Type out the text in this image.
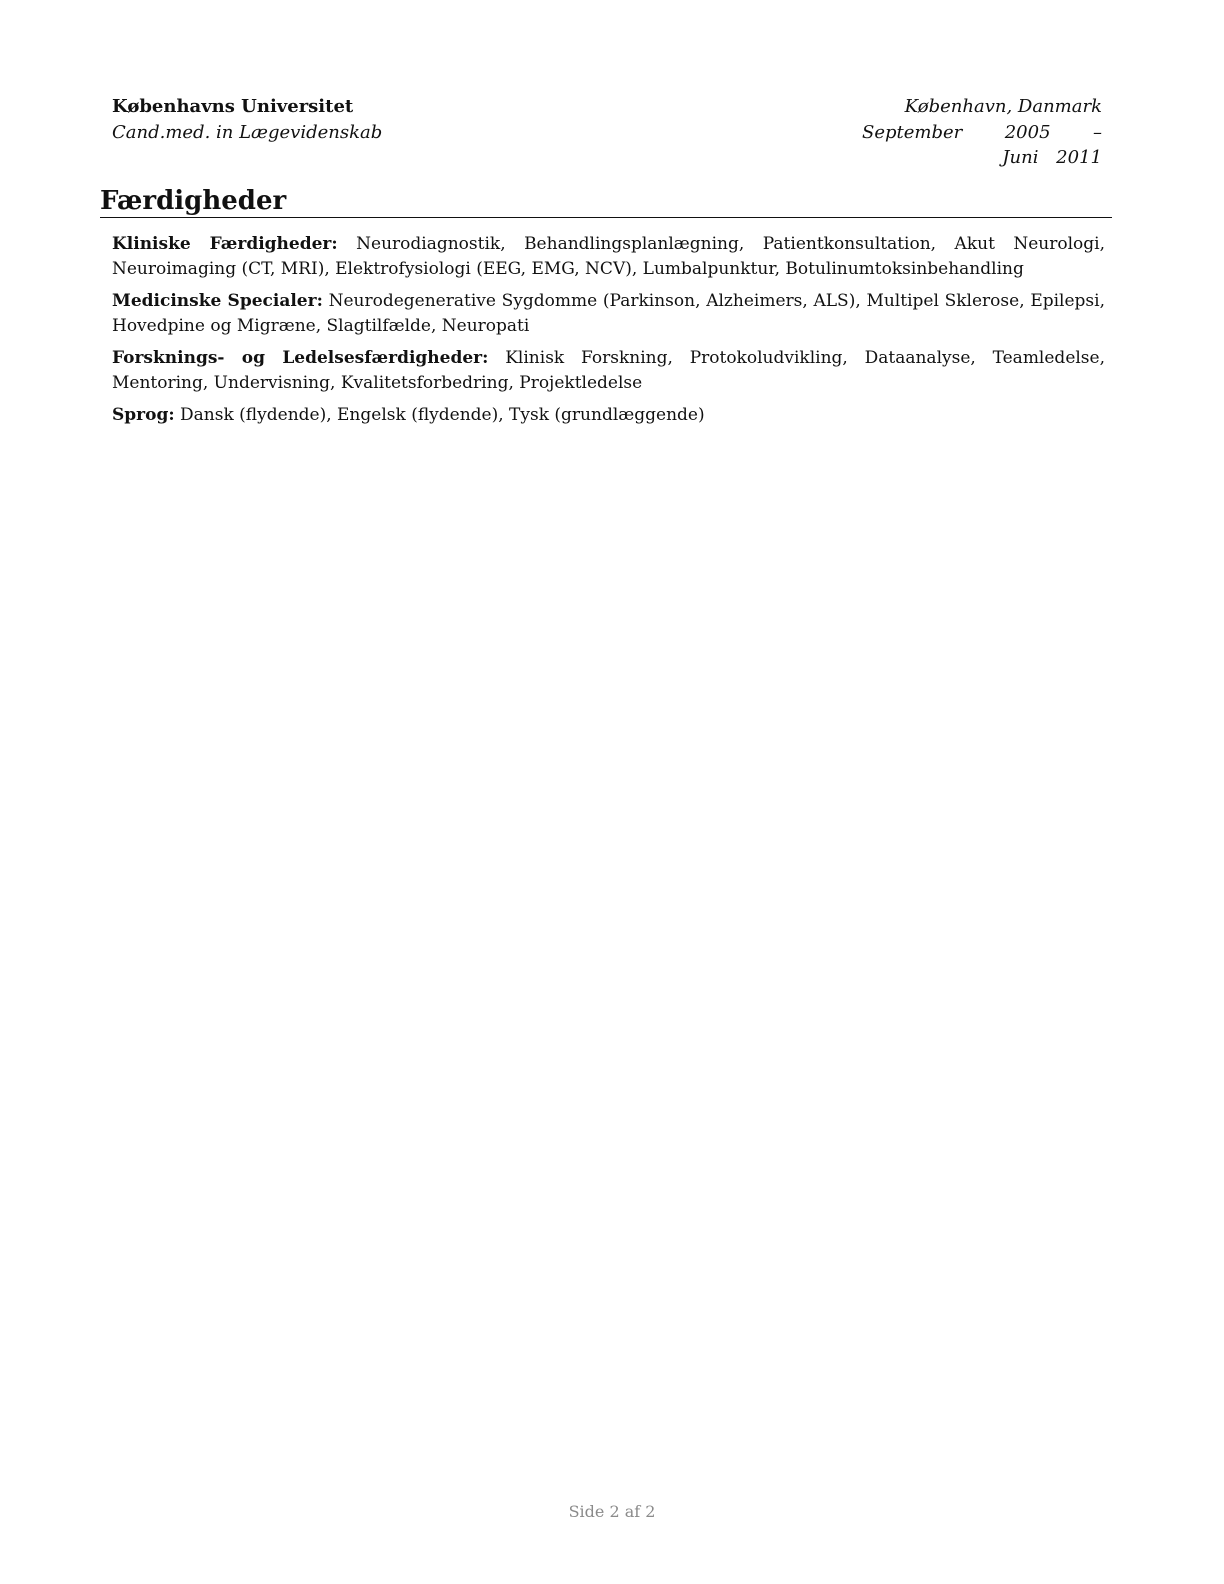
Københavns Universitet
Cand.med. in Lægevidenskab
København, Danmark
September 2005 – Juni 2011
Færdigheder

Kliniske Færdigheder: Neurodiagnostik, Behandlingsplanlægning, Patientkonsultation, Akut Neurologi, Neuroimaging (CT, MRI), Elektrofysiologi (EEG, EMG, NCV), Lumbalpunktur, Botulinumtoksinbehandling

Medicinske Specialer: Neurodegenerative Sygdomme (Parkinson, Alzheimers, ALS), Multipel Sklerose, Epilepsi, Hovedpine og Migræne, Slagtilfælde, Neuropati

Forsknings- og Ledelsesfærdigheder: Klinisk Forskning, Protokoludvikling, Dataanalyse, Teamledelse, Mentoring, Undervisning, Kvalitetsforbedring, Projektledelse

Sprog: Dansk (flydende), Engelsk (flydende), Tysk (grundlæggende)

Side 2 af 2
